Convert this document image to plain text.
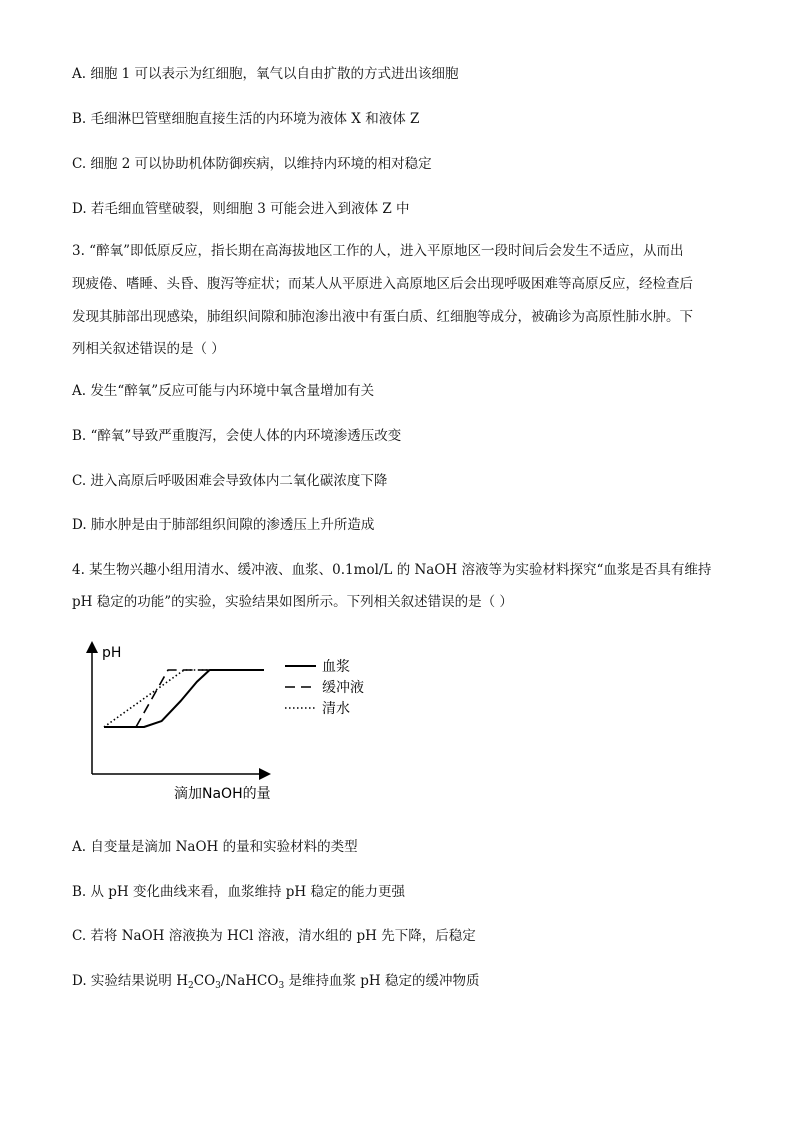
A. 细胞 1 可以表示为红细胞，氧气以自由扩散的方式进出该细胞
B. 毛细淋巴管壁细胞直接生活的内环境为液体 X 和液体 Z
C. 细胞 2 可以协助机体防御疾病，以维持内环境的相对稳定
D. 若毛细血管壁破裂，则细胞 3 可能会进入到液体 Z 中
3. “醉氧”即低原反应，指长期在高海拔地区工作的人，进入平原地区一段时间后会发生不适应，从而出
现疲倦、嗜睡、头昏、腹泻等症状；而某人从平原进入高原地区后会出现呼吸困难等高原反应，经检查后
发现其肺部出现感染，肺组织间隙和肺泡渗出液中有蛋白质、红细胞等成分，被确诊为高原性肺水肿。下
列相关叙述错误的是（ ）
A. 发生“醉氧”反应可能与内环境中氧含量增加有关
B. “醉氧”导致严重腹泻，会使人体的内环境渗透压改变
C. 进入高原后呼吸困难会导致体内二氧化碳浓度下降
D. 肺水肿是由于肺部组织间隙的渗透压上升所造成
4. 某生物兴趣小组用清水、缓冲液、血浆、0.1mol/L 的 NaOH 溶液等为实验材料探究“血浆是否具有维持
pH 稳定的功能”的实验，实验结果如图所示。下列相关叙述错误的是（ ）
pH
滴加NaOH的量
血浆
缓冲液
清水
A. 自变量是滴加 NaOH 的量和实验材料的类型
B. 从 pH 变化曲线来看，血浆维持 pH 稳定的能力更强
C. 若将 NaOH 溶液换为 HCl 溶液，清水组的 pH 先下降，后稳定
D. 实验结果说明 $H_2CO_3/NaHCO_3$ 是维持血浆 pH 稳定的缓冲物质
